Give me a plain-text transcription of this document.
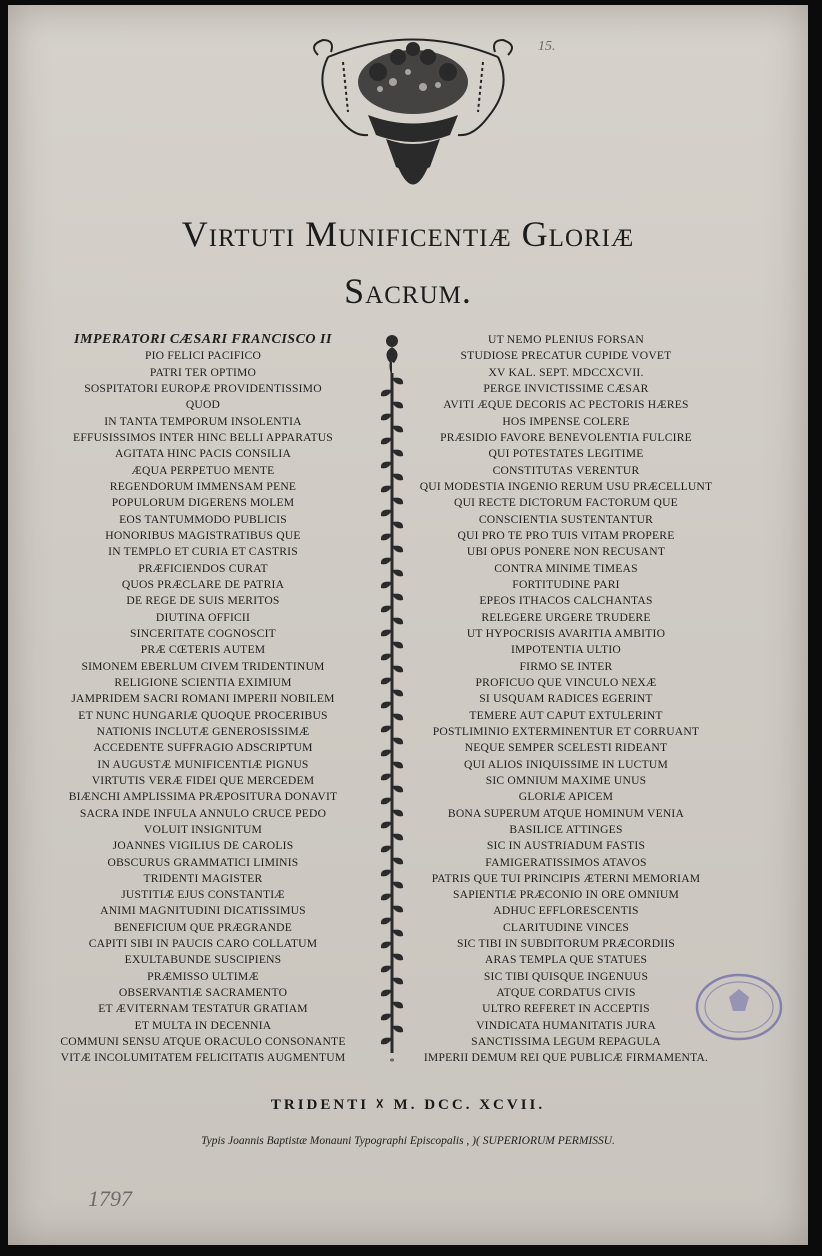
15.
Virtuti Munificentiæ Gloriæ
Sacrum.
IMPERATORI CÆSARI FRANCISCO II
PIO FELICI PACIFICO
PATRI TER OPTIMO
SOSPITATORI EUROPÆ PROVIDENTISSIMO
QUOD
IN TANTA TEMPORUM INSOLENTIA
EFFUSISSIMOS INTER HINC BELLI APPARATUS
AGITATA HINC PACIS CONSILIA
ÆQUA PERPETUO MENTE
REGENDORUM IMMENSAM PENE
POPULORUM DIGERENS MOLEM
EOS TANTUMMODO PUBLICIS
HONORIBUS MAGISTRATIBUS QUE
IN TEMPLO ET CURIA ET CASTRIS
PRÆFICIENDOS CURAT
QUOS PRÆCLARE DE PATRIA
DE REGE DE SUIS MERITOS
DIUTINA OFFICII
SINCERITATE COGNOSCIT
PRÆ CŒTERIS AUTEM
SIMONEM EBERLUM CIVEM TRIDENTINUM
RELIGIONE SCIENTIA EXIMIUM
JAMPRIDEM SACRI ROMANI IMPERII NOBILEM
ET NUNC HUNGARIÆ QUOQUE PROCERIBUS
NATIONIS INCLUTÆ GENEROSISSIMÆ
ACCEDENTE SUFFRAGIO ADSCRIPTUM
IN AUGUSTÆ MUNIFICENTIÆ PIGNUS
VIRTUTIS VERÆ FIDEI QUE MERCEDEM
BIÆNCHI AMPLISSIMA PRÆPOSITURA DONAVIT
SACRA INDE INFULA ANNULO CRUCE PEDO
VOLUIT INSIGNITUM
JOANNES VIGILIUS DE CAROLIS
OBSCURUS GRAMMATICI LIMINIS
TRIDENTI MAGISTER
JUSTITIÆ EJUS CONSTANTIÆ
ANIMI MAGNITUDINI DICATISSIMUS
BENEFICIUM QUE PRÆGRANDE
CAPITI SIBI IN PAUCIS CARO COLLATUM
EXULTABUNDE SUSCIPIENS
PRÆMISSO ULTIMÆ
OBSERVANTIÆ SACRAMENTO
ET ÆVITERNAM TESTATUR GRATIAM
ET MULTA IN DECENNIA
COMMUNI SENSU ATQUE ORACULO CONSONANTE
VITÆ INCOLUMITATEM FELICITATIS AUGMENTUM	*
UT NEMO PLENIUS FORSAN
STUDIOSE PRECATUR CUPIDE VOVET
XV KAL. SEPT. MDCCXCVII.
PERGE INVICTISSIME CÆSAR
AVITI ÆQUE DECORIS AC PECTORIS HÆRES
HOS IMPENSE COLERE
PRÆSIDIO FAVORE BENEVOLENTIA FULCIRE
QUI POTESTATES LEGITIME
CONSTITUTAS VERENTUR
QUI MODESTIA INGENIO RERUM USU PRÆCELLUNT
QUI RECTE DICTORUM FACTORUM QUE
CONSCIENTIA SUSTENTANTUR
QUI PRO TE PRO TUIS VITAM PROPERE
UBI OPUS PONERE NON RECUSANT
CONTRA MINIME TIMEAS
FORTITUDINE PARI
EPEOS ITHACOS CALCHANTAS
RELEGERE URGERE TRUDERE
UT HYPOCRISIS AVARITIA AMBITIO
IMPOTENTIA ULTIO
FIRMO SE INTER
PROFICUO QUE VINCULO NEXÆ
SI USQUAM RADICES EGERINT
TEMERE AUT CAPUT EXTULERINT
POSTLIMINIO EXTERMINENTUR ET CORRUANT
NEQUE SEMPER SCELESTI RIDEANT
QUI ALIOS INIQUISSIME IN LUCTUM
SIC OMNIUM MAXIME UNUS
GLORIÆ APICEM
BONA SUPERUM ATQUE HOMINUM VENIA
BASILICE ATTINGES
SIC IN AUSTRIADUM FASTIS
FAMIGERATISSIMOS ATAVOS
PATRIS QUE TUI PRINCIPIS ÆTERNI MEMORIAM
SAPIENTIÆ PRÆCONIO IN ORE OMNIUM
ADHUC EFFLORESCENTIS
CLARITUDINE VINCES
SIC TIBI IN SUBDITORUM PRÆCORDIIS
ARAS TEMPLA QUE STATUES
SIC TIBI QUISQUE INGENUUS
ATQUE CORDATUS CIVIS
ULTRO REFERET IN ACCEPTIS
VINDICATA HUMANITATIS JURA
SANCTISSIMA LEGUM REPAGULA
IMPERII DEMUM REI QUE PUBLICÆ FIRMAMENTA.
TRIDENTI ☓ M. DCC. XCVII.
Typis Joannis Baptistæ Monauni Typographi Episcopalis , )( SUPERIORUM PERMISSU.
1797
